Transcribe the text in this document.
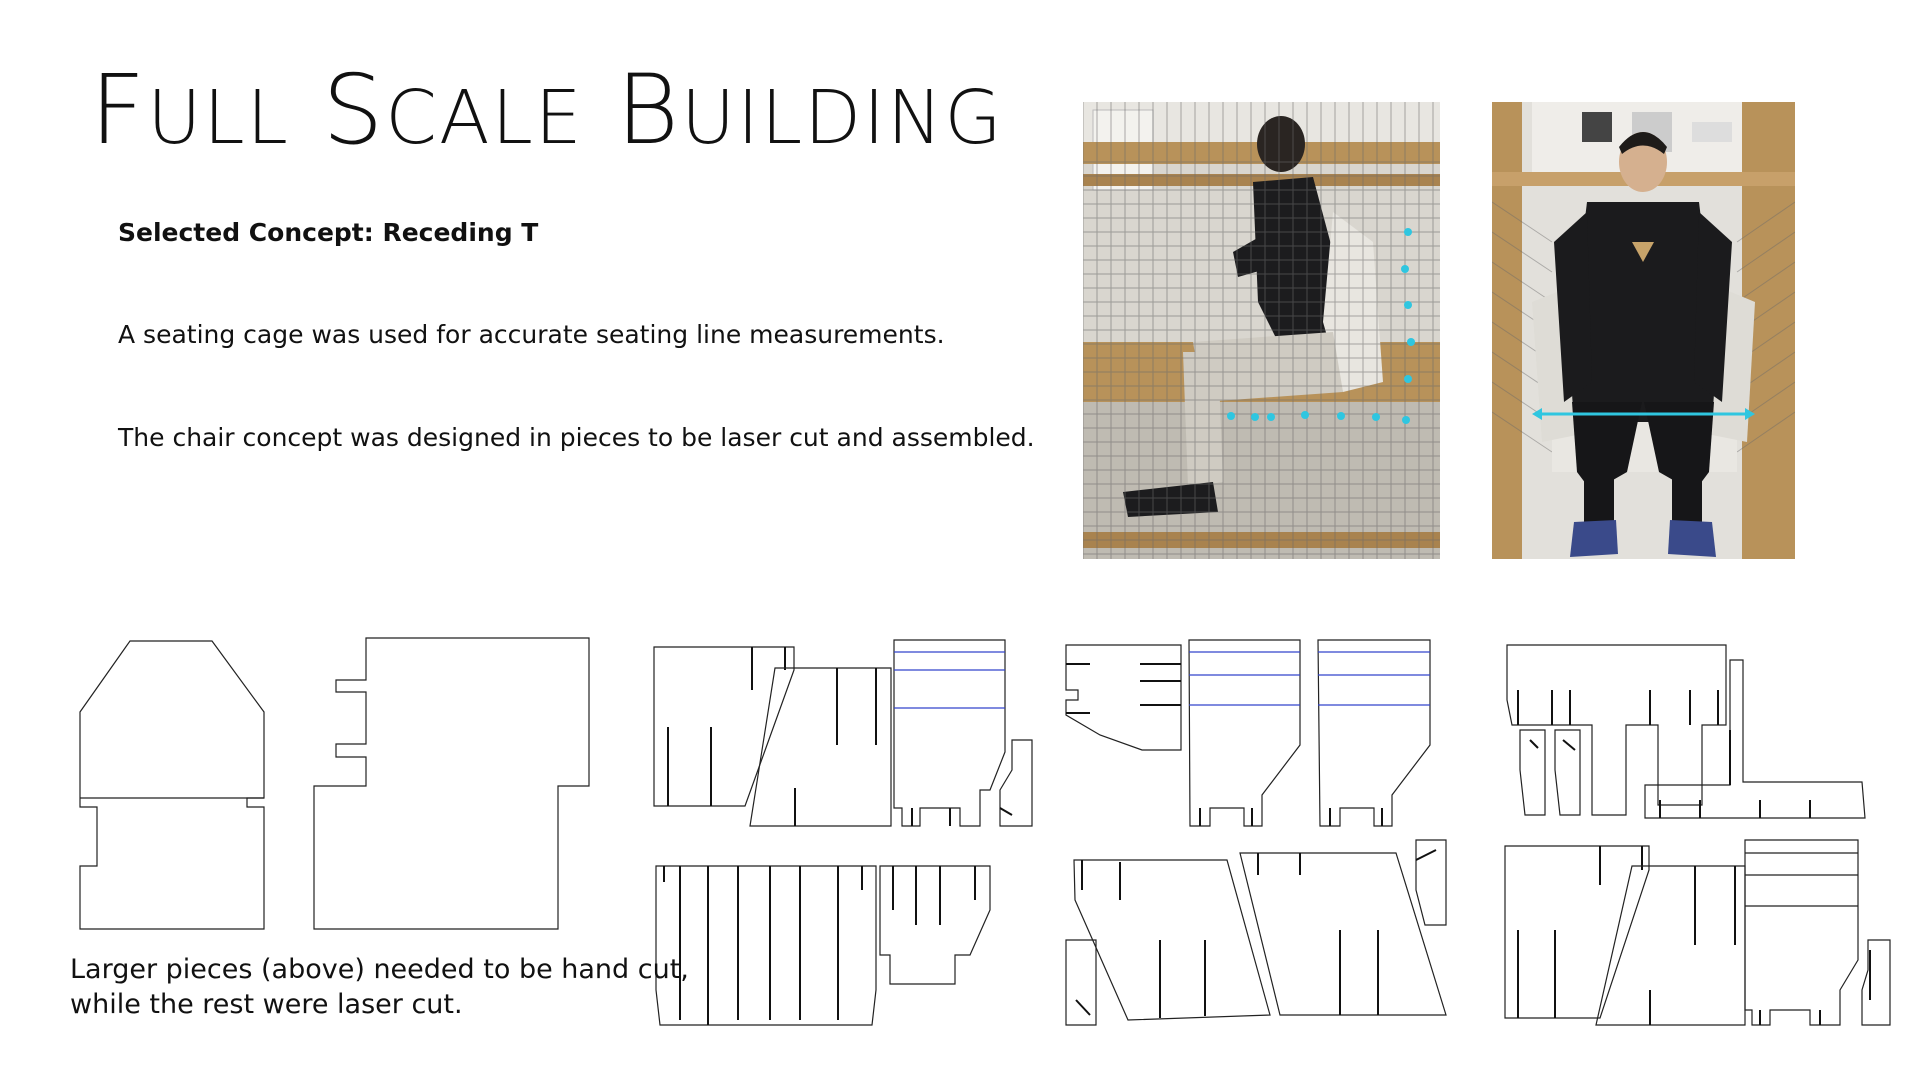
FULL SCALE BUILDING
Selected Concept: Receding T
A seating cage was used for accurate seating line measurements.
The chair concept was designed in pieces to be laser cut and assembled.
Larger pieces (above) needed to be hand cut,
while the rest were laser cut.
